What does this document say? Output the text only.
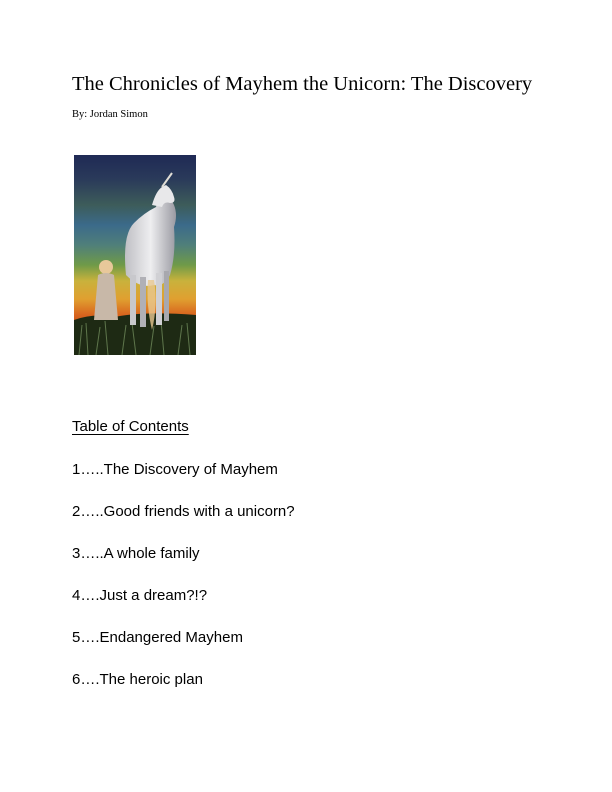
The Chronicles of Mayhem the Unicorn: The Discovery
By: Jordan Simon
Table of Contents
1…..The Discovery of Mayhem
2…..Good friends with a unicorn?
3…..A whole family
4….Just a dream?!?
5….Endangered Mayhem
6….The heroic plan
